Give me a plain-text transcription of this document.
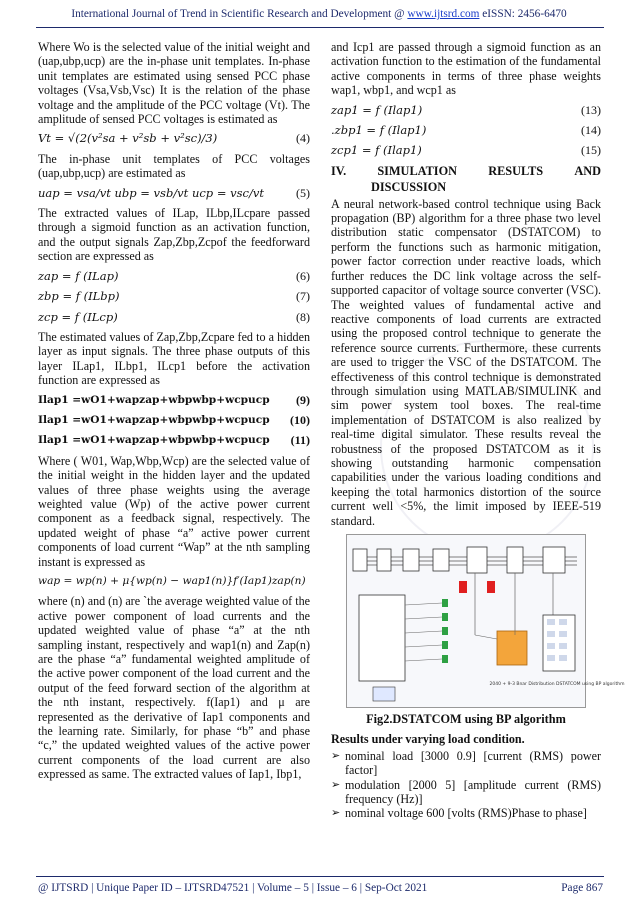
International Journal of Trend in Scientific Research and Development @ www.ijtsrd.com eISSN: 2456-6470

Where Wo is the selected value of the initial weight and (uap,ubp,ucp) are the in-phase unit templates. In-phase unit templates are estimated using sensed PCC phase voltages (Vsa,Vsb,Vsc) It is the relation of the phase voltage and the amplitude of the PCC voltage (Vt). The amplitude of sensed PCC voltages is estimated as

Vt = √(2(v²sa + v²sb + v²sc)/3)	(4)

The in-phase unit templates of PCC voltages (uap,ubp,ucp) are estimated as

uap = vsa/vt ubp = vsb/vt ucp = vsc/vt	(5)

The extracted values of ILap, ILbp,ILcpare passed through a sigmoid function as an activation function, and the output signals Zap,Zbp,Zcpof the feedforward section are expressed as

zap = f (ILap)	(6)
zbp = f (ILbp)	(7)
zcp = f (ILcp)	(8)

The estimated values of Zap,Zbp,Zcpare fed to a hidden layer as input signals. The three phase outputs of this layer ILap1, ILbp1, ILcp1 before the activation function are expressed as

Ilap1 =wO1+wapzap+wbpwbp+wcpucp (9)
Ilap1 =wO1+wapzap+wbpwbp+wcpucp (10)
Ilap1 =wO1+wapzap+wbpwbp+wcpucp (11)

Where ( W01, Wap,Wbp,Wcp) are the selected value of the initial weight in the hidden layer and the updated values of three phase weights using the average weighted value (Wp) of the active power current component as a feedback signal, respectively. The updated weight of phase “a” active power current components of load current “Wap” at the nth sampling instant is expressed as

wap = wp(n) + μ{wp(n) − wap1(n)}f′(Iap1)zap(n)

where (n) and (n) are `the average weighted value of the active power component of load currents and the updated weighted value of phase “a” at the nth sampling instant, respectively and wap1(n) and Zap(n) are the phase “a” fundamental weighted amplitude of the active power component of the load current and the output of the feed forward section of the algorithm at the nth instant, respectively. f(Iap1) and μ are represented as the derivative of Iap1 components and the learning rate. Similarly, for phase “b” and phase “c,” the updated weighted values of the active power current components of the load current are also expressed as same. The extracted values of Iap1, Ibp1,

and Icp1 are passed through a sigmoid function as an activation function to the estimation of the fundamental active components in terms of three phase weights wap1, wbp1, and wcp1 as

zap1 = f (Ilap1)	(13)
.zbp1 = f (Ilap1)	(14)
zcp1 = f (Ilap1)	(15)
IV.	SIMULATION	RESULTS	AND
DISCUSSION

A neural network-based control technique using Back propagation (BP) algorithm for a three phase two level distribution static compensator (DSTATCOM) to perform the functions such as harmonic mitigation, power factor correction under reactive loads, which further reduces the DC link voltage across the self-supported capacitor of voltage source converter (VSC). The weighted values of fundamental active and reactive components of load currents are extracted using the proposed control technique to generate the reference source currents. Furthermore, these currents are used to trigger the VSC of the DSTATCOM. The effectiveness of this control technique is demonstrated through simulation using MATLAB/SIMULINK and sim power system tool boxes. The real-time implementation of DSTATCOM is also realized by real-time digital simulator. These results reveal the robustness of the proposed DSTATCOM as it is showing outstanding harmonic compensation capabilities under the various loading conditions and keeping the total harmonics distortion of the source current well <5%, the limit imposed by IEEE-519 standard.

2040 + 9-3 Bnar Distribution DSTATCOM using BP algorithm
Fig2.DSTATCOM using BP algorithm
Results under varying load condition.
➢ nominal load [3000 0.9] [current (RMS) power factor]
➢ modulation [2000 5] [amplitude current (RMS) frequency (Hz)]
➢ nominal voltage 600 [volts (RMS)Phase to phase]
@ IJTSRD | Unique Paper ID – IJTSRD47521 | Volume – 5 | Issue – 6 | Sep-Oct 2021	Page 867
